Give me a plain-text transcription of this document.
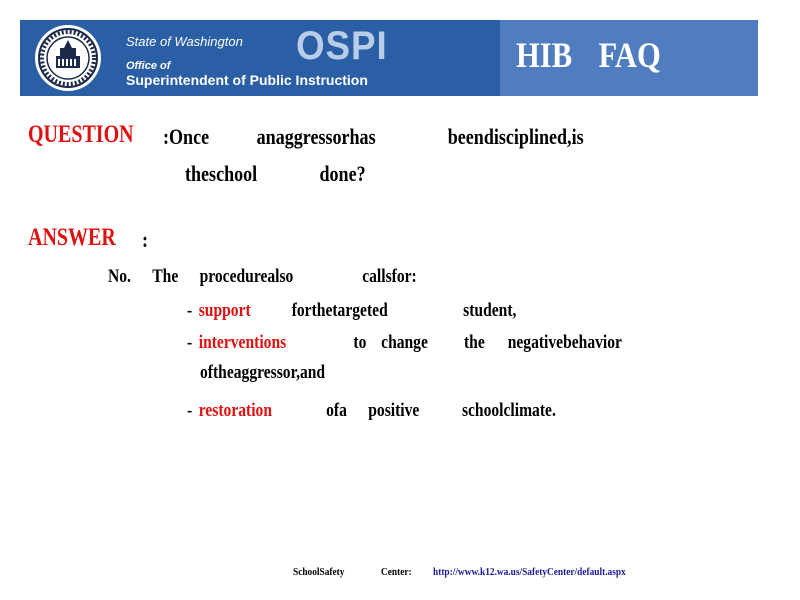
State of Washington OSPI
Office of
Superintendent of Public Instruction
HIB FAQ
QUESTION :Once anaggressorhas	beendisciplined,is
theschool	done?
ANSWER :
No. The procedurealso	callsfor:
- support forthetargeted	student,
- interventions	to change the negativebehavior
oftheaggressor,and
- restoration	ofa positive schoolclimate.
SchoolSafety	Center: http://www.k12.wa.us/SafetyCenter/default.aspx
